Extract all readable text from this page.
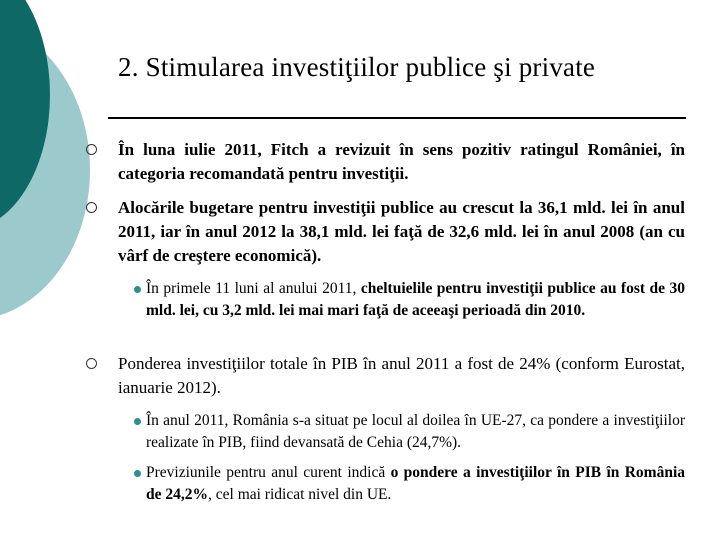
2. Stimularea investiţiilor publice şi private
În luna iulie 2011, Fitch a revizuit în sens pozitiv ratingul României, în categoria recomandată pentru investiţii.
Alocările bugetare pentru investiţii publice au crescut la 36,1 mld. lei în anul 2011, iar în anul 2012 la 38,1 mld. lei faţă de 32,6 mld. lei în anul 2008 (an cu vârf de creştere economică).
În primele 11 luni al anului 2011, cheltuielile pentru investiţii publice au fost de 30 mld. lei, cu 3,2 mld. lei mai mari faţă de aceeaşi perioadă din 2010.
Ponderea investiţiilor totale în PIB în anul 2011 a fost de 24% (conform Eurostat, ianuarie 2012).
În anul 2011, România s-a situat pe locul al doilea în UE-27, ca pondere a investiţiilor realizate în PIB, fiind devansată de Cehia (24,7%).
Previziunile pentru anul curent indică o pondere a investiţiilor în PIB în România de 24,2%, cel mai ridicat nivel din UE.
